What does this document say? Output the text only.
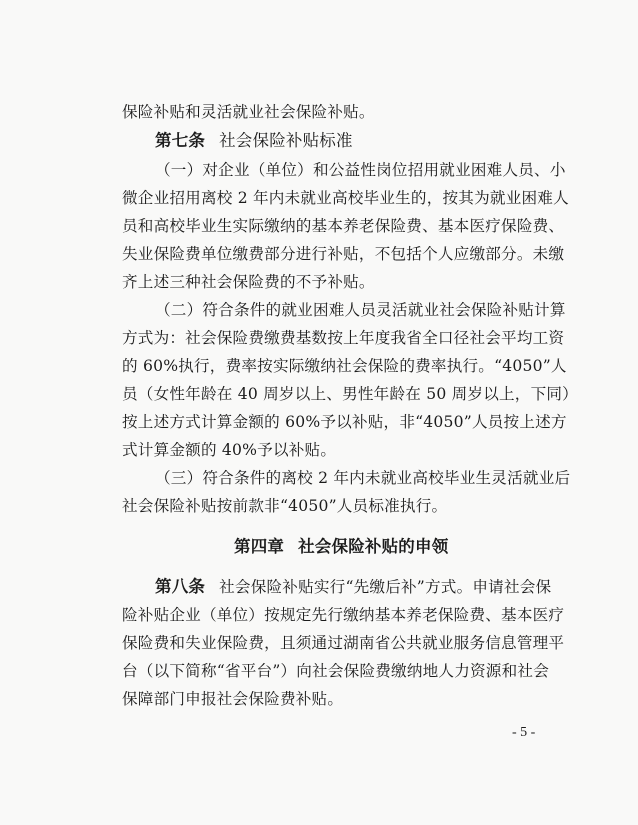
保险补贴和灵活就业社会保险补贴。
第七条 社会保险补贴标准
（一）对企业（单位）和公益性岗位招用就业困难人员、小
微企业招用离校 2 年内未就业高校毕业生的，按其为就业困难人
员和高校毕业生实际缴纳的基本养老保险费、基本医疗保险费、
失业保险费单位缴费部分进行补贴，不包括个人应缴部分。未缴
齐上述三种社会保险费的不予补贴。
（二）符合条件的就业困难人员灵活就业社会保险补贴计算
方式为：社会保险费缴费基数按上年度我省全口径社会平均工资
的 60%执行，费率按实际缴纳社会保险的费率执行。“4050”人
员（女性年龄在 40 周岁以上、男性年龄在 50 周岁以上，下同）
按上述方式计算金额的 60%予以补贴，非“4050”人员按上述方
式计算金额的 40%予以补贴。
（三）符合条件的离校 2 年内未就业高校毕业生灵活就业后
社会保险补贴按前款非“4050”人员标准执行。
第四章 社会保险补贴的申领
第八条 社会保险补贴实行“先缴后补”方式。申请社会保
险补贴企业（单位）按规定先行缴纳基本养老保险费、基本医疗
保险费和失业保险费，且须通过湖南省公共就业服务信息管理平
台（以下简称“省平台”）向社会保险费缴纳地人力资源和社会
保障部门申报社会保险费补贴。
- 5 -
